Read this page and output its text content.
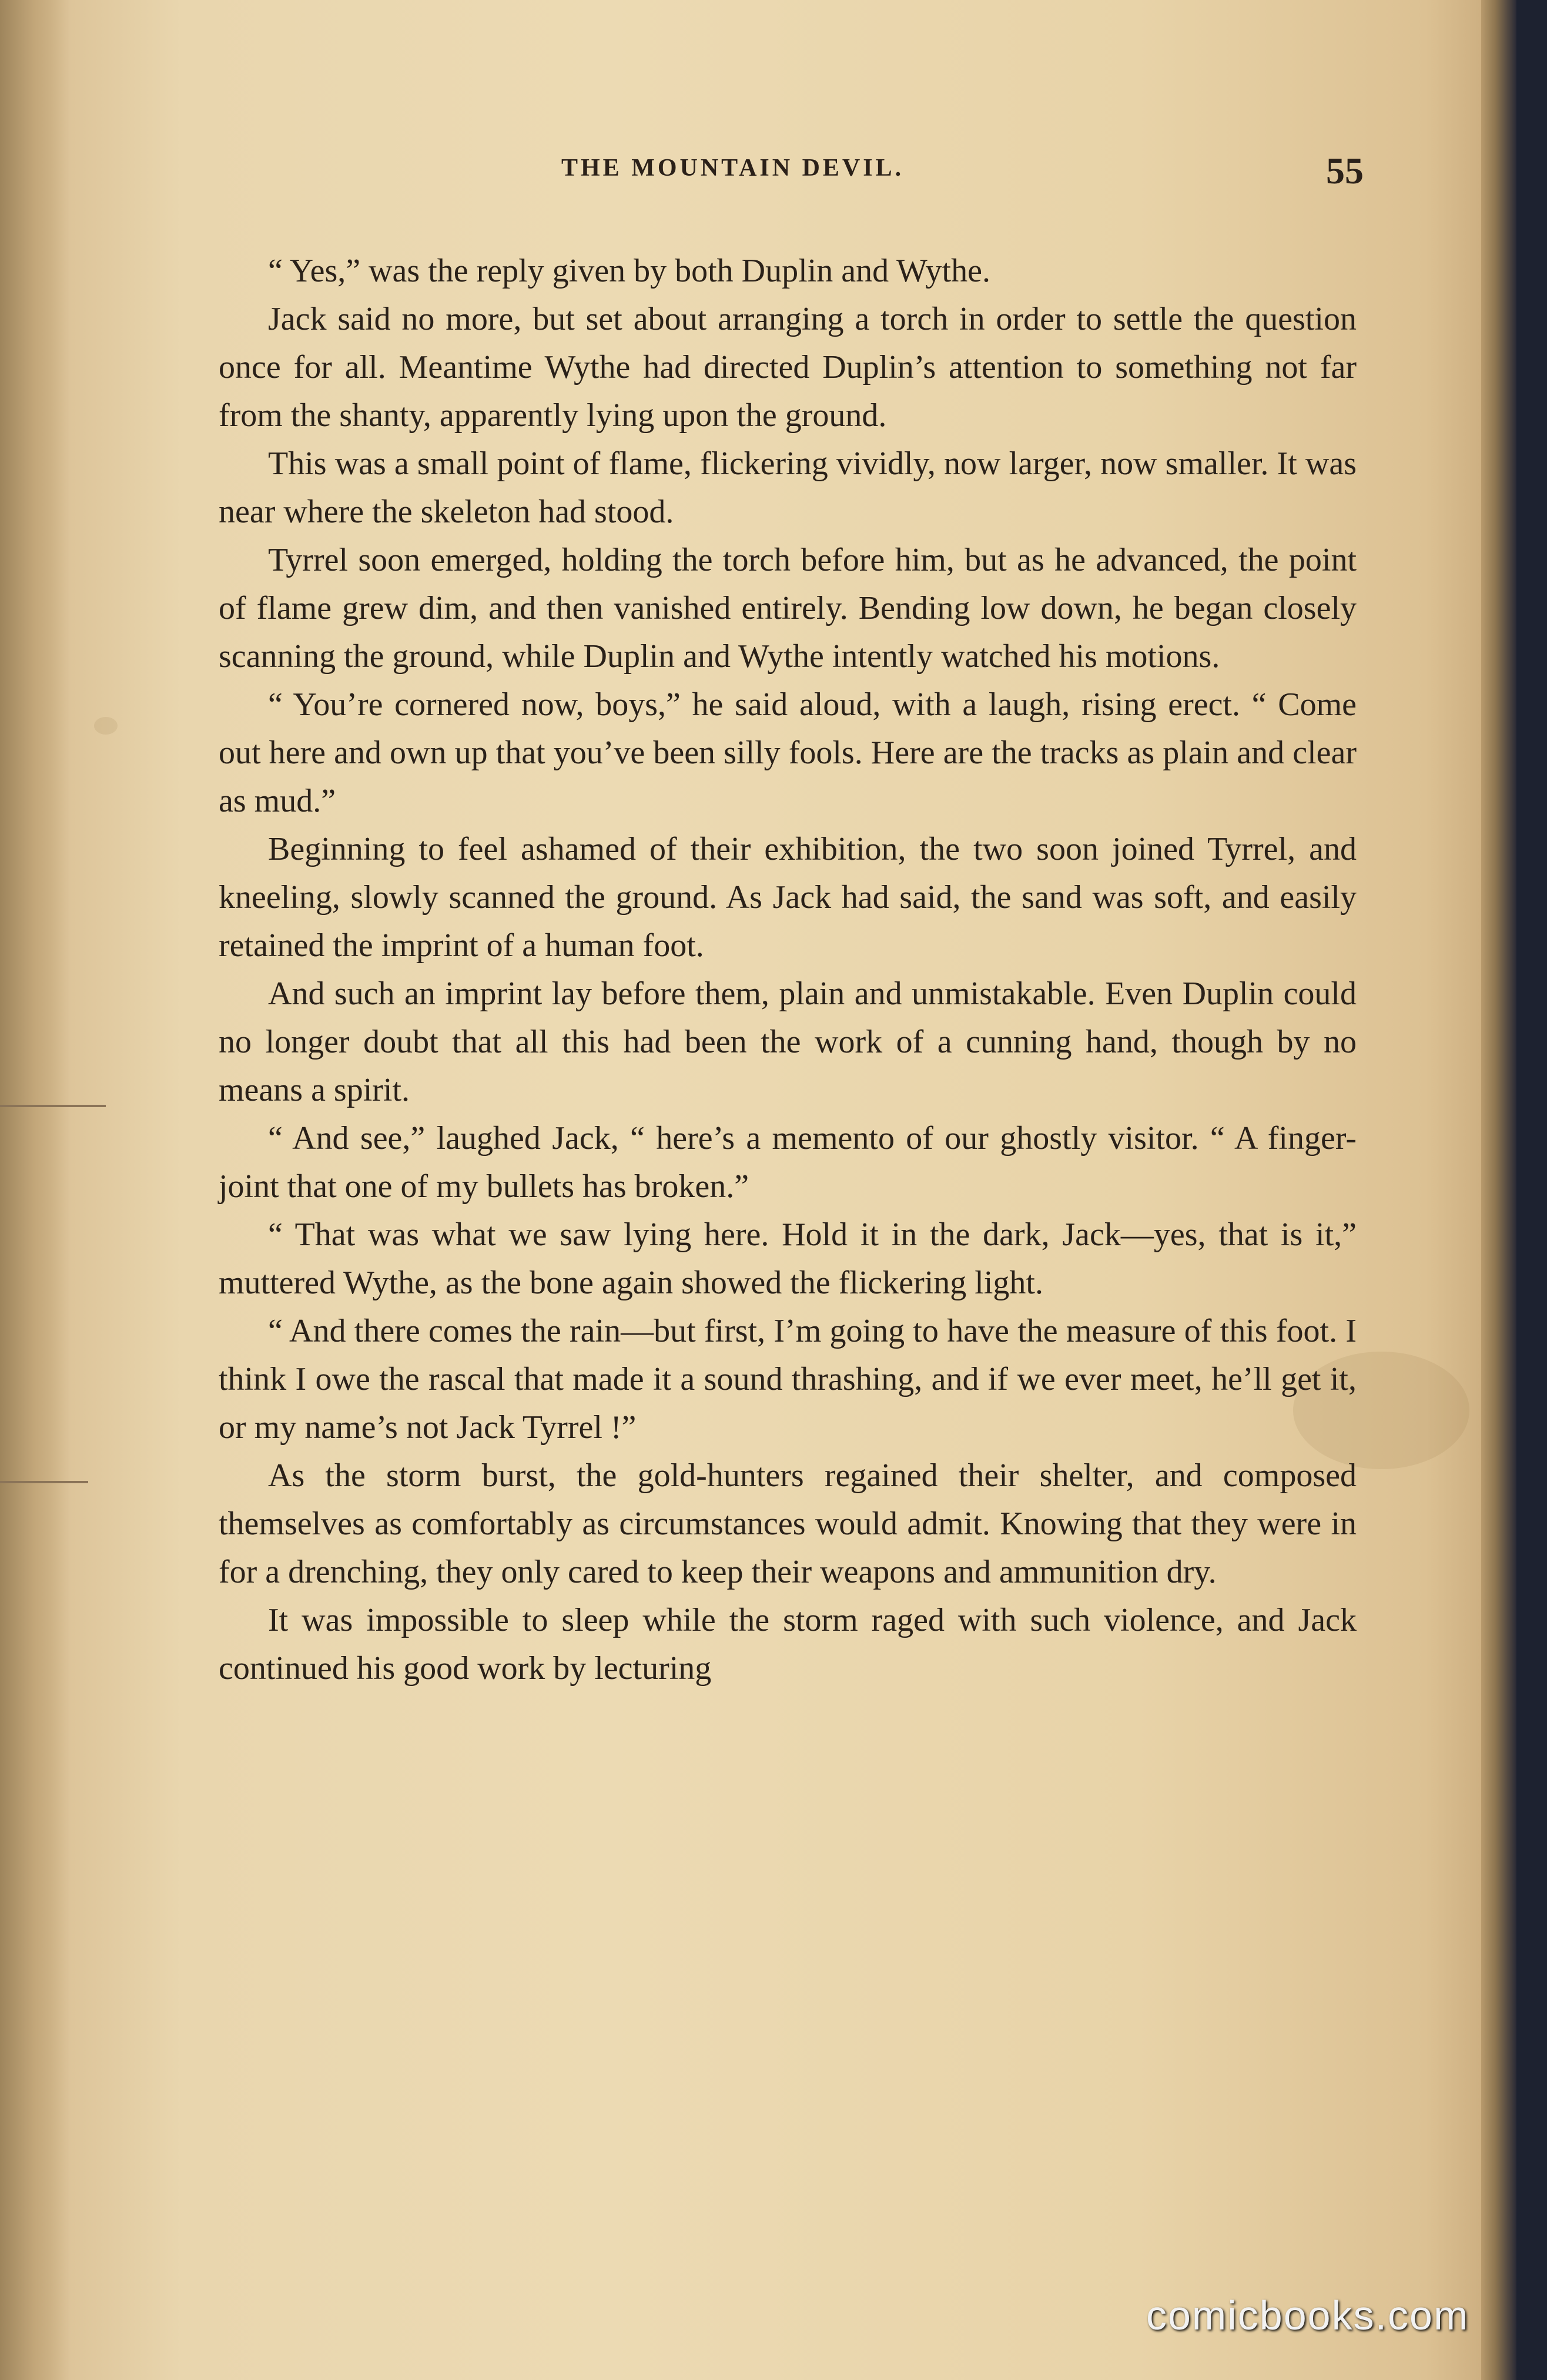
THE MOUNTAIN DEVIL.	55

“ Yes,” was the reply given by both Duplin and Wythe.

Jack said no more, but set about arranging a torch in order to settle the question once for all. Meantime Wythe had directed Duplin’s attention to something not far from the shanty, apparently lying upon the ground.

This was a small point of flame, flickering vividly, now larger, now smaller. It was near where the skeleton had stood.

Tyrrel soon emerged, holding the torch before him, but as he advanced, the point of flame grew dim, and then vanished entirely. Bending low down, he began closely scanning the ground, while Duplin and Wythe intently watched his motions.

“ You’re cornered now, boys,” he said aloud, with a laugh, rising erect. “ Come out here and own up that you’ve been silly fools. Here are the tracks as plain and clear as mud.”

Beginning to feel ashamed of their exhibition, the two soon joined Tyrrel, and kneeling, slowly scanned the ground. As Jack had said, the sand was soft, and easily retained the imprint of a human foot.

And such an imprint lay before them, plain and unmistakable. Even Duplin could no longer doubt that all this had been the work of a cunning hand, though by no means a spirit.

“ And see,” laughed Jack, “ here’s a memento of our ghostly visitor. “ A finger-joint that one of my bullets has broken.”

“ That was what we saw lying here. Hold it in the dark, Jack—yes, that is it,” muttered Wythe, as the bone again showed the flickering light.

“ And there comes the rain—but first, I’m going to have the measure of this foot. I think I owe the rascal that made it a sound thrashing, and if we ever meet, he’ll get it, or my name’s not Jack Tyrrel !”

As the storm burst, the gold-hunters regained their shelter, and composed themselves as comfortably as circumstances would admit. Knowing that they were in for a drenching, they only cared to keep their weapons and ammunition dry.

It was impossible to sleep while the storm raged with such violence, and Jack continued his good work by lecturing

comicbooks.com
